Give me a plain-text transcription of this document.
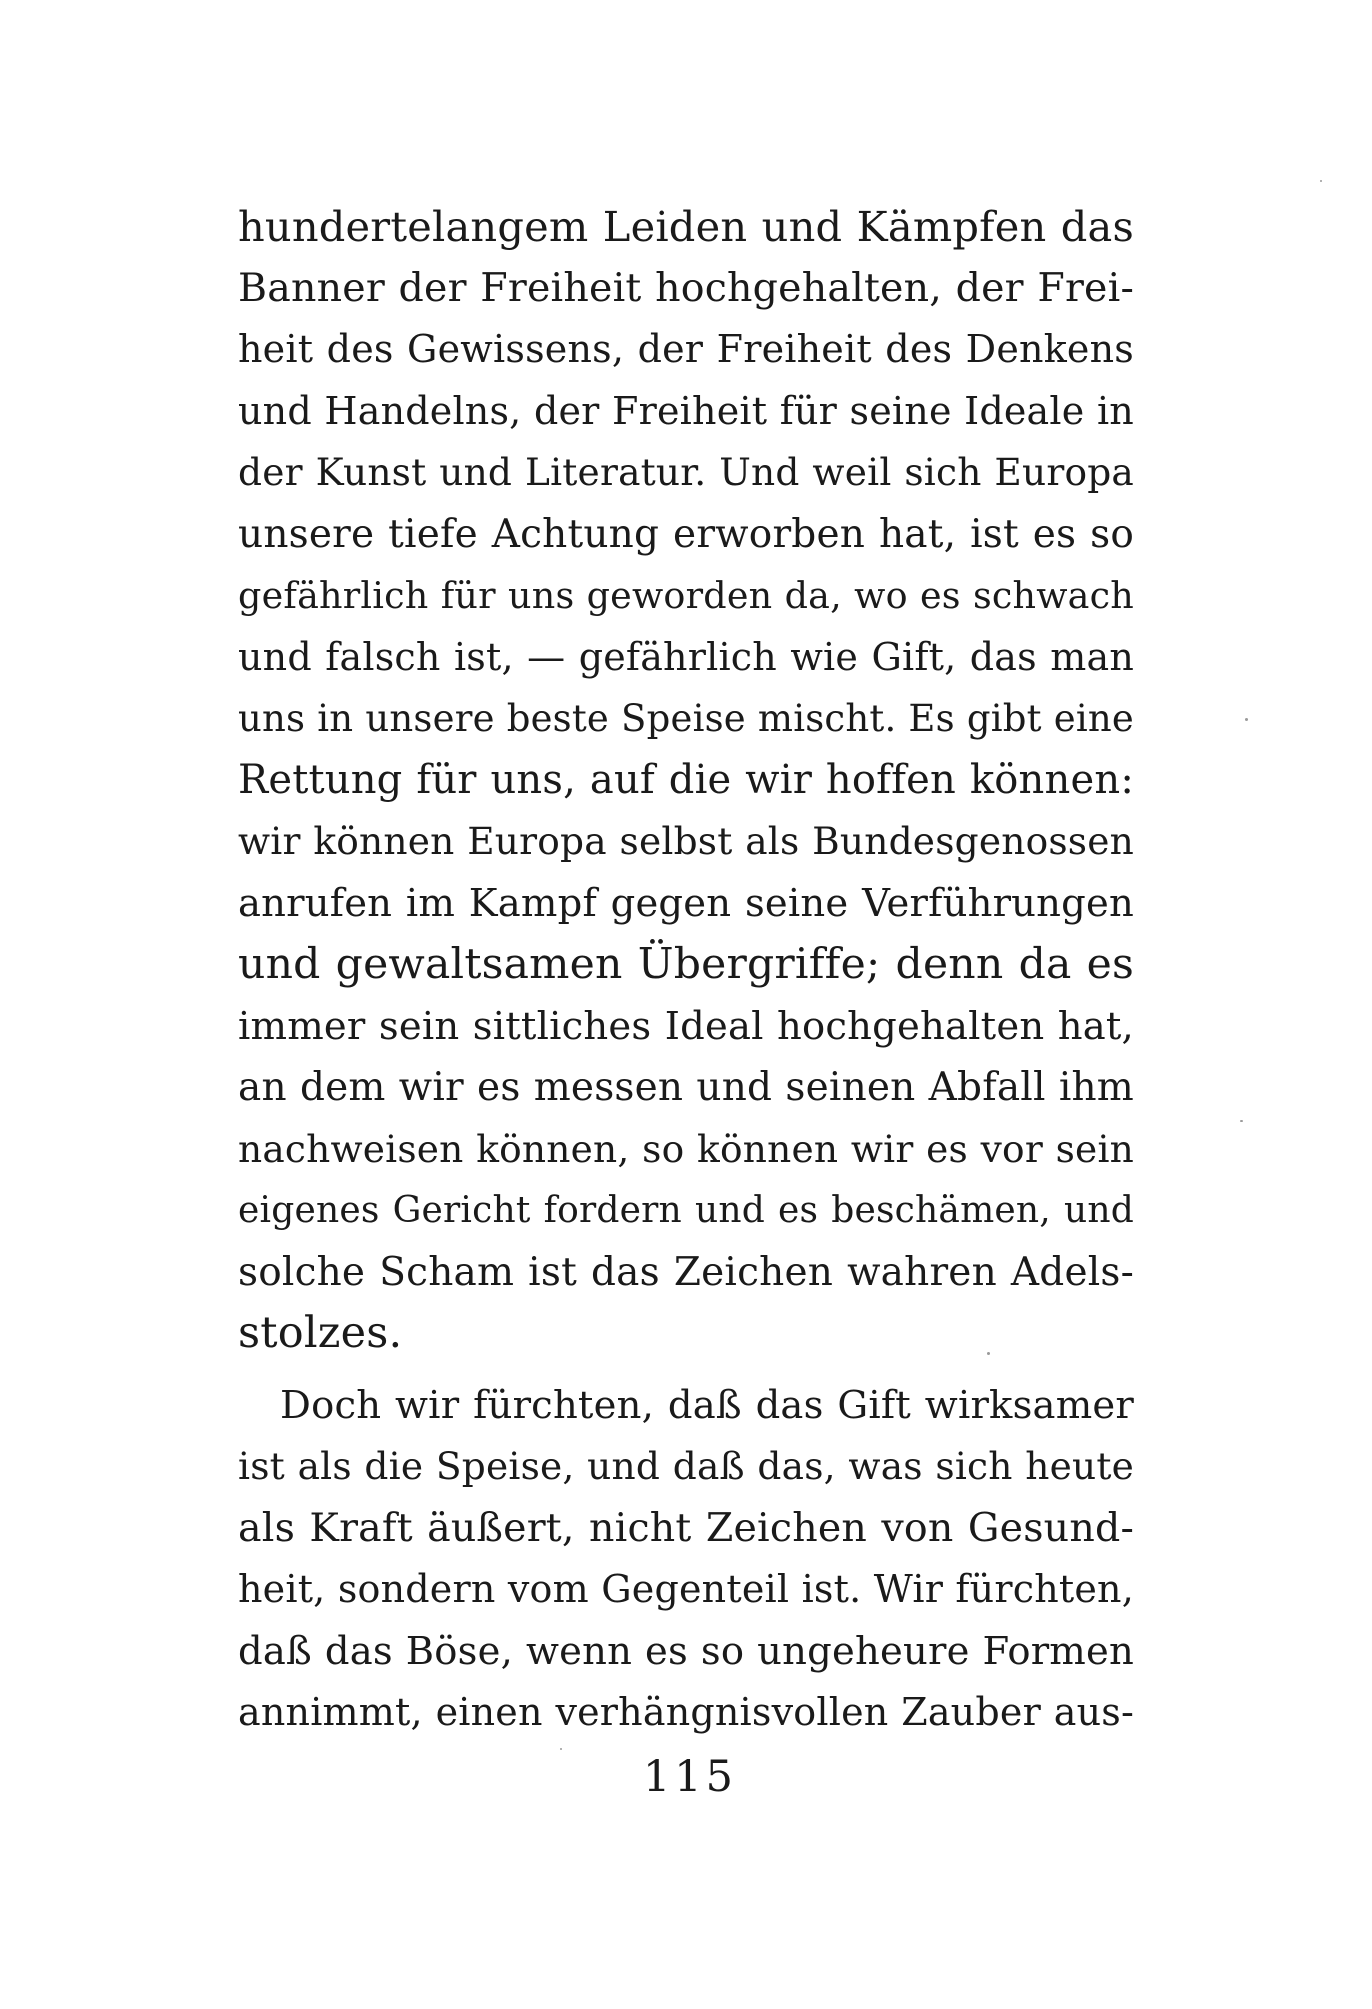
hundertelangem Leiden und Kämpfen das
Banner der Freiheit hochgehalten, der Frei-
heit des Gewissens, der Freiheit des Denkens
und Handelns, der Freiheit für seine Ideale in
der Kunst und Literatur. Und weil sich Europa
unsere tiefe Achtung erworben hat, ist es so
gefährlich für uns geworden da, wo es schwach
und falsch ist, — gefährlich wie Gift, das man
uns in unsere beste Speise mischt. Es gibt eine
Rettung für uns, auf die wir hoffen können:
wir können Europa selbst als Bundesgenossen
anrufen im Kampf gegen seine Verführungen
und gewaltsamen Übergriffe; denn da es
immer sein sittliches Ideal hochgehalten hat,
an dem wir es messen und seinen Abfall ihm
nachweisen können, so können wir es vor sein
eigenes Gericht fordern und es beschämen, und
solche Scham ist das Zeichen wahren Adels-
stolzes.
Doch wir fürchten, daß das Gift wirksamer
ist als die Speise, und daß das, was sich heute
als Kraft äußert, nicht Zeichen von Gesund-
heit, sondern vom Gegenteil ist. Wir fürchten,
daß das Böse, wenn es so ungeheure Formen
annimmt, einen verhängnisvollen Zauber aus-
115
